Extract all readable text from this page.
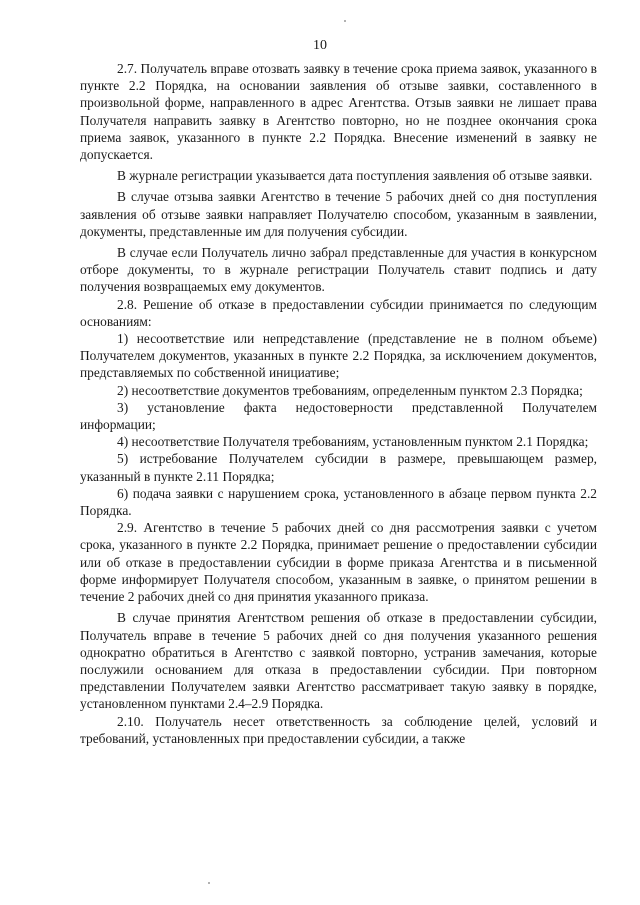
10

2.7. Получатель вправе отозвать заявку в течение срока приема заявок, указанного в пункте 2.2 Порядка, на основании заявления об отзыве заявки, составленного в произвольной форме, направленного в адрес Агентства. Отзыв заявки не лишает права Получателя направить заявку в Агентство повторно, но не позднее окончания срока приема заявок, указанного в пункте 2.2 Порядка. Внесение изменений в заявку не допускается.

В журнале регистрации указывается дата поступления заявления об отзыве заявки.

В случае отзыва заявки Агентство в течение 5 рабочих дней со дня поступления заявления об отзыве заявки направляет Получателю способом, указанным в заявлении, документы, представленные им для получения субсидии.

В случае если Получатель лично забрал представленные для участия в конкурсном отборе документы, то в журнале регистрации Получатель ставит подпись и дату получения возвращаемых ему документов.

2.8. Решение об отказе в предоставлении субсидии принимается по следующим основаниям:

1) несоответствие или непредставление (представление не в полном объеме) Получателем документов, указанных в пункте 2.2 Порядка, за исключением документов, представляемых по собственной инициативе;

2) несоответствие документов требованиям, определенным пунктом 2.3 Порядка;

3) установление факта недостоверности представленной Получателем информации;

4) несоответствие Получателя требованиям, установленным пунктом 2.1 Порядка;

5) истребование Получателем субсидии в размере, превышающем размер, указанный в пункте 2.11 Порядка;

6) подача заявки с нарушением срока, установленного в абзаце первом пункта 2.2 Порядка.

2.9. Агентство в течение 5 рабочих дней со дня рассмотрения заявки с учетом срока, указанного в пункте 2.2 Порядка, принимает решение о предоставлении субсидии или об отказе в предоставлении субсидии в форме приказа Агентства и в письменной форме информирует Получателя способом, указанным в заявке, о принятом решении в течение 2 рабочих дней со дня принятия указанного приказа.

В случае принятия Агентством решения об отказе в предоставлении субсидии, Получатель вправе в течение 5 рабочих дней со дня получения указанного решения однократно обратиться в Агентство с заявкой повторно, устранив замечания, которые послужили основанием для отказа в предоставлении субсидии. При повторном представлении Получателем заявки Агентство рассматривает такую заявку в порядке, установленном пунктами 2.4–2.9 Порядка.

2.10. Получатель несет ответственность за соблюдение целей, условий и требований, установленных при предоставлении субсидии, а также
